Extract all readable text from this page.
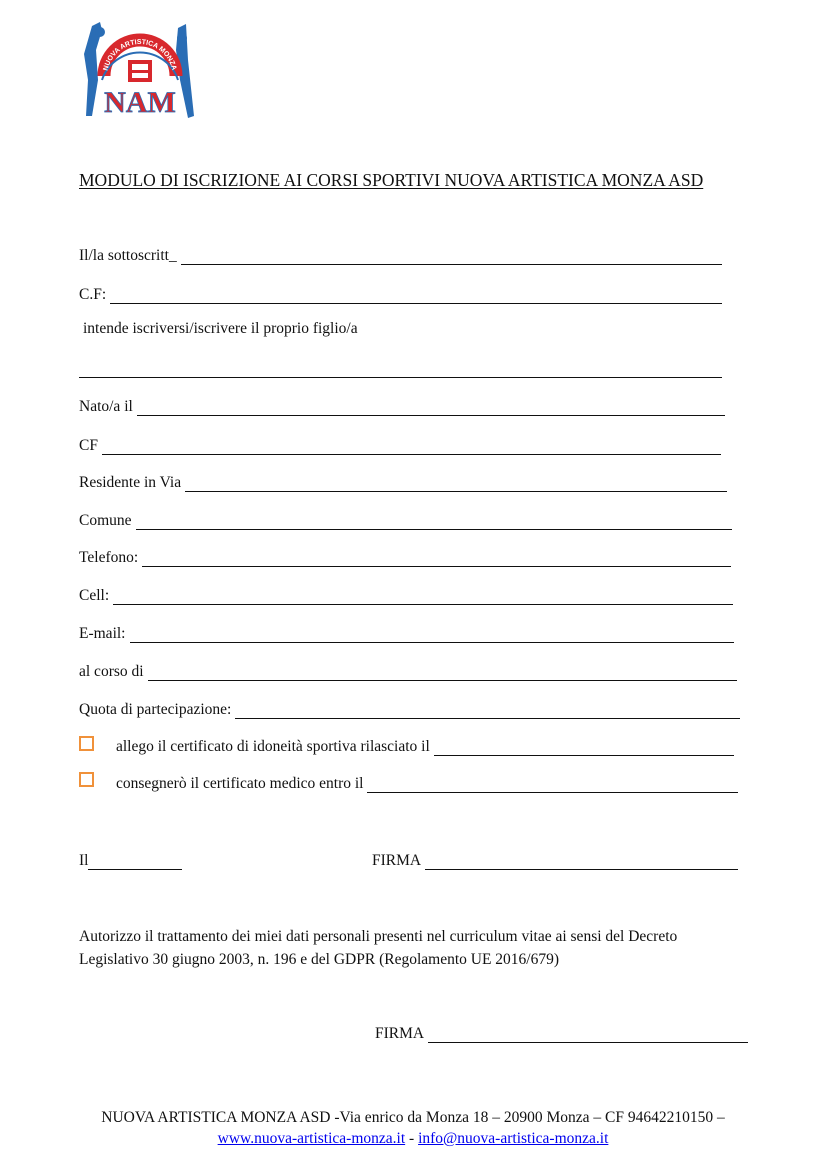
NUOVA ARTISTICA MONZA
NAM
MODULO DI ISCRIZIONE AI CORSI SPORTIVI NUOVA ARTISTICA MONZA ASD
Il/la sottoscritt_
C.F:
intende iscriversi/iscrivere il proprio figlio/a
Nato/a il
CF
Residente in Via
Comune
Telefono:
Cell:
E-mail:
al corso di
Quota di partecipazione:
allego il certificato di idoneità sportiva rilasciato il
consegnerò il certificato medico entro il
Il	FIRMA
Autorizzo il trattamento dei miei dati personali presenti nel curriculum vitae ai sensi del Decreto
Legislativo 30 giugno 2003, n. 196 e del GDPR (Regolamento UE 2016/679)
FIRMA
NUOVA ARTISTICA MONZA ASD -Via enrico da Monza 18 – 20900 Monza – CF 94642210150 –
www.nuova-artistica-monza.it - info@nuova-artistica-monza.it
